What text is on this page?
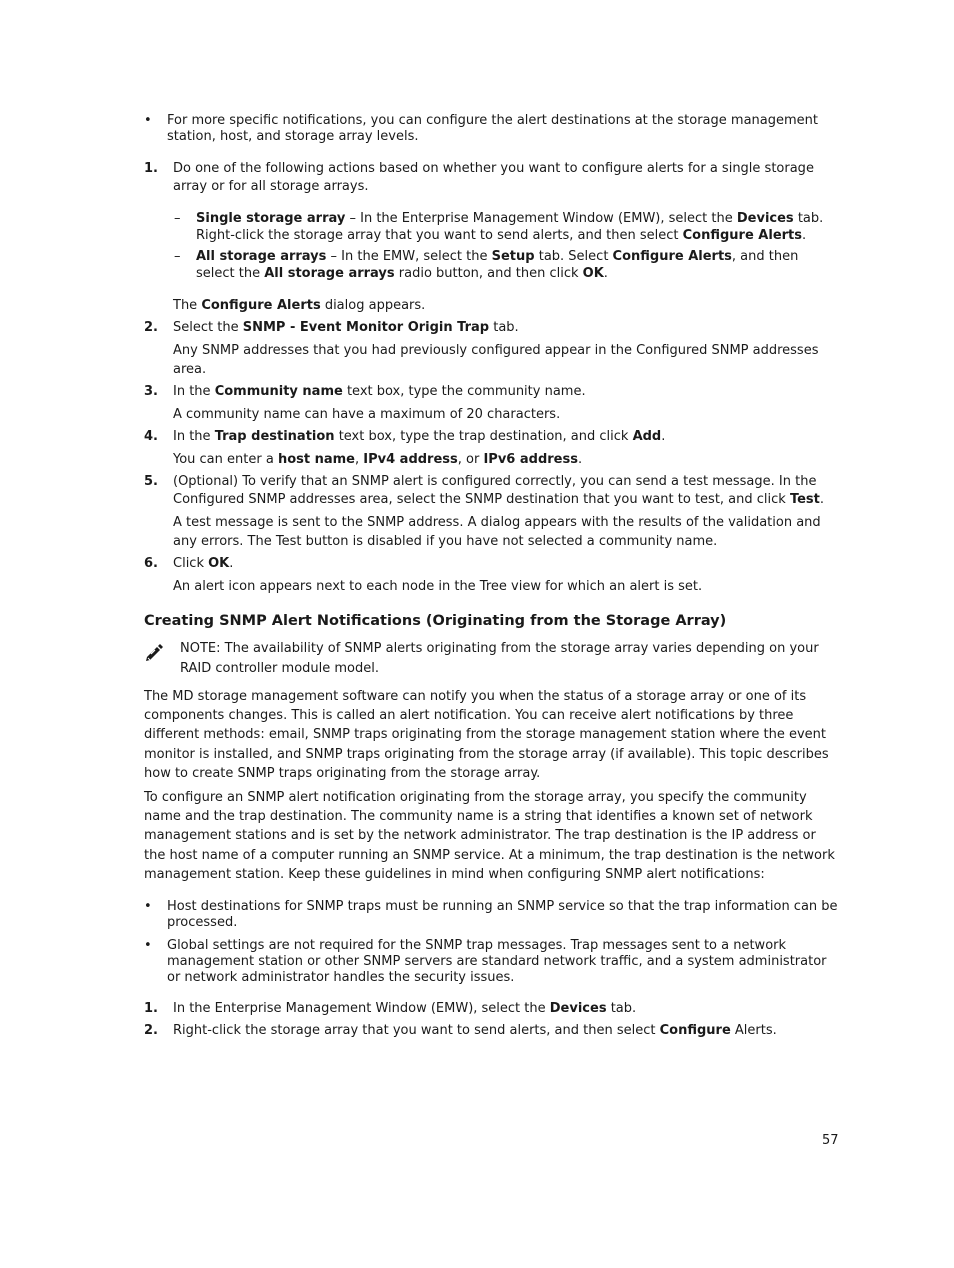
• For more specific notifications, you can configure the alert destinations at the storage management station, host, and storage array levels.
1. Do one of the following actions based on whether you want to configure alerts for a single storage array or for all storage arrays.
– Single storage array – In the Enterprise Management Window (EMW), select the Devices tab. Right-click the storage array that you want to send alerts, and then select Configure Alerts.
– All storage arrays – In the EMW, select the Setup tab. Select Configure Alerts, and then select the All storage arrays radio button, and then click OK.

The Configure Alerts dialog appears.

2. Select the SNMP - Event Monitor Origin Trap tab.

Any SNMP addresses that you had previously configured appear in the Configured SNMP addresses area.

3. In the Community name text box, type the community name.

A community name can have a maximum of 20 characters.

4. In the Trap destination text box, type the trap destination, and click Add.

You can enter a host name, IPv4 address, or IPv6 address.

5. (Optional) To verify that an SNMP alert is configured correctly, you can send a test message. In the Configured SNMP addresses area, select the SNMP destination that you want to test, and click Test.

A test message is sent to the SNMP address. A dialog appears with the results of the validation and any errors. The Test button is disabled if you have not selected a community name.

6. Click OK.

An alert icon appears next to each node in the Tree view for which an alert is set.

Creating SNMP Alert Notifications (Originating from the Storage Array)
NOTE: The availability of SNMP alerts originating from the storage array varies depending on your RAID controller module model.

The MD storage management software can notify you when the status of a storage array or one of its components changes. This is called an alert notification. You can receive alert notifications by three different methods: email, SNMP traps originating from the storage management station where the event monitor is installed, and SNMP traps originating from the storage array (if available). This topic describes how to create SNMP traps originating from the storage array.

To configure an SNMP alert notification originating from the storage array, you specify the community name and the trap destination. The community name is a string that identifies a known set of network management stations and is set by the network administrator. The trap destination is the IP address or the host name of a computer running an SNMP service. At a minimum, the trap destination is the network management station. Keep these guidelines in mind when configuring SNMP alert notifications:

• Host destinations for SNMP traps must be running an SNMP service so that the trap information can be processed.
• Global settings are not required for the SNMP trap messages. Trap messages sent to a network management station or other SNMP servers are standard network traffic, and a system administrator or network administrator handles the security issues.
1. In the Enterprise Management Window (EMW), select the Devices tab.
2. Right-click the storage array that you want to send alerts, and then select Configure Alerts.
57
